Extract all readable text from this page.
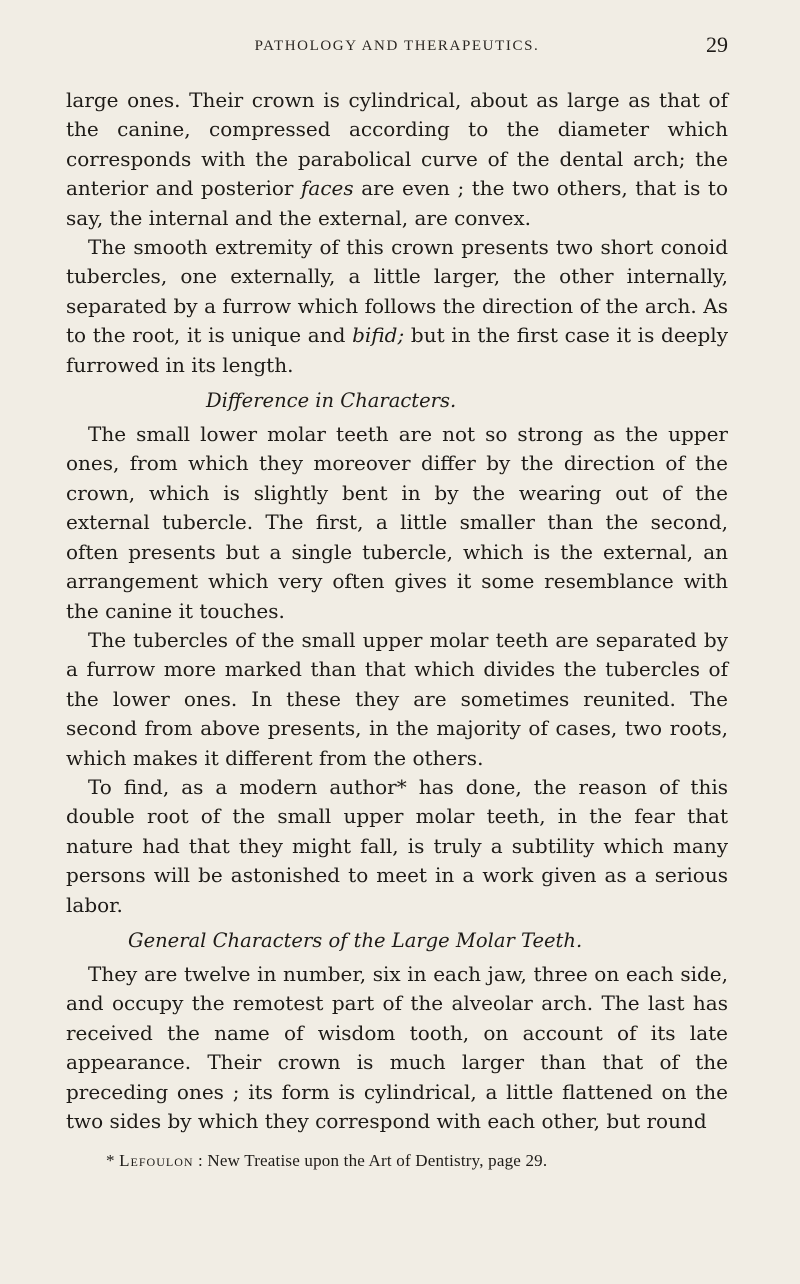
PATHOLOGY AND THERAPEUTICS.	29

large ones. Their crown is cylindrical, about as large as that of the canine, compressed according to the diameter which corresponds with the parabolical curve of the dental arch; the anterior and posterior faces are even ; the two others, that is to say, the internal and the external, are convex.

The smooth extremity of this crown presents two short conoid tubercles, one externally, a little larger, the other internally, separated by a furrow which follows the direction of the arch. As to the root, it is unique and bifid; but in the first case it is deeply furrowed in its length.

Difference in Characters.

The small lower molar teeth are not so strong as the upper ones, from which they moreover differ by the direction of the crown, which is slightly bent in by the wearing out of the external tubercle. The first, a little smaller than the second, often presents but a single tubercle, which is the external, an arrangement which very often gives it some resemblance with the canine it touches.

The tubercles of the small upper molar teeth are separated by a furrow more marked than that which divides the tubercles of the lower ones. In these they are sometimes reunited. The second from above presents, in the majority of cases, two roots, which makes it different from the others.

To find, as a modern author* has done, the reason of this double root of the small upper molar teeth, in the fear that nature had that they might fall, is truly a subtility which many persons will be astonished to meet in a work given as a serious labor.

General Characters of the Large Molar Teeth.

They are twelve in number, six in each jaw, three on each side, and occupy the remotest part of the alveolar arch. The last has received the name of wisdom tooth, on account of its late appearance. Their crown is much larger than that of the preceding ones ; its form is cylindrical, a little flattened on the two sides by which they correspond with each other, but round

* Lefoulon : New Treatise upon the Art of Dentistry, page 29.
